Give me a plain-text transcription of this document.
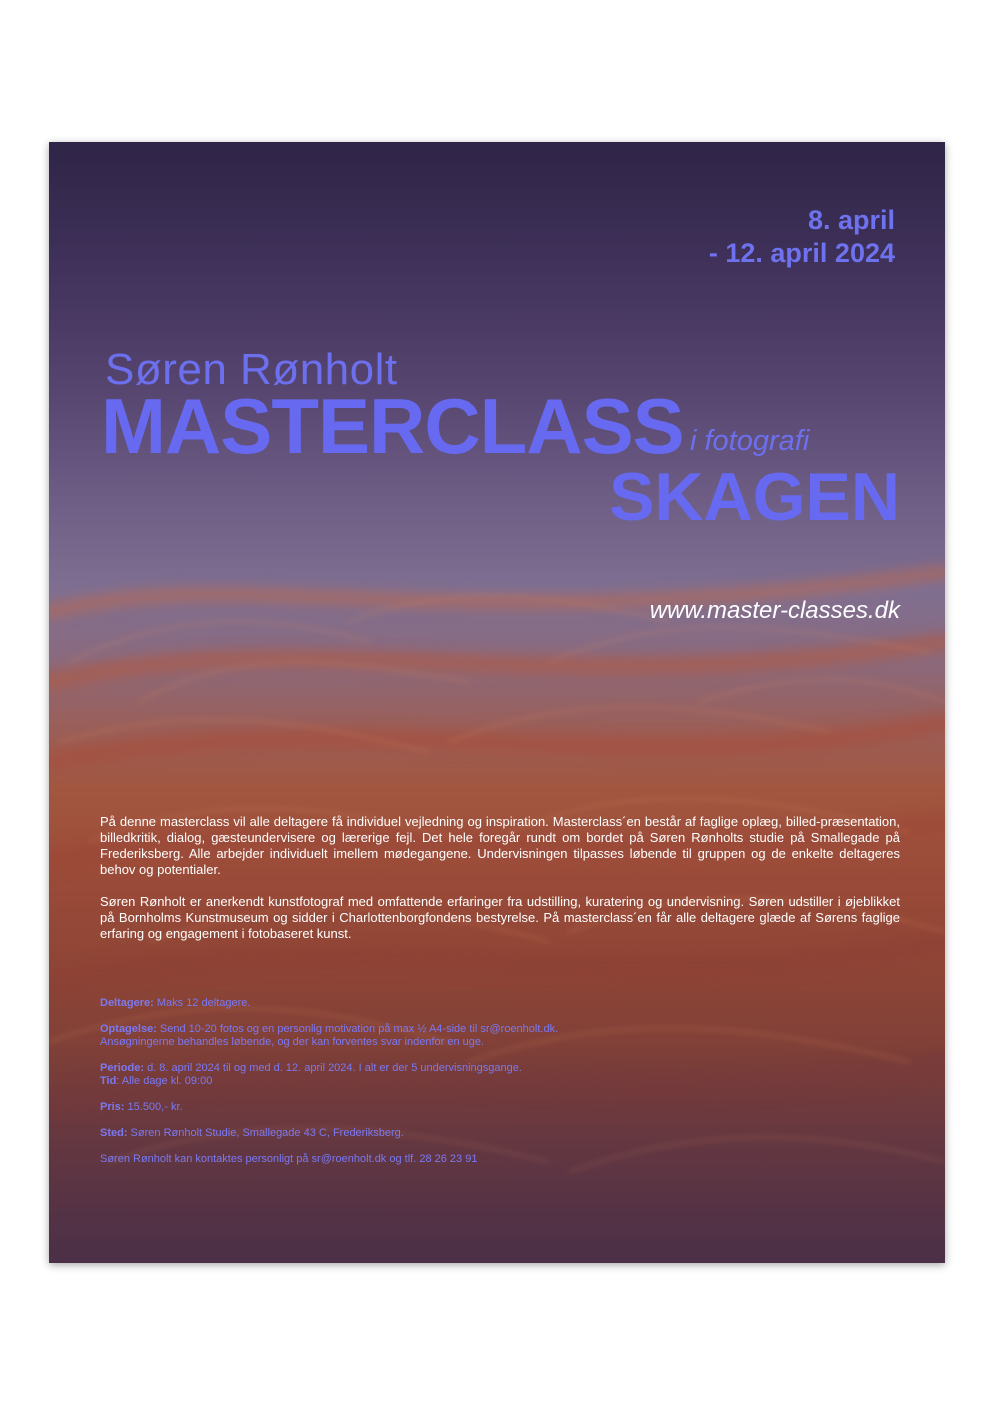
8. april
- 12. april 2024
Søren Rønholt
MASTERCLASS i fotografi
SKAGEN
www.master-classes.dk

På denne masterclass vil alle deltagere få individuel vejledning og inspiration. Masterclass´en består af faglige oplæg, billed-præsentation, billedkritik, dialog, gæsteundervisere og lærerige fejl. Det hele foregår rundt om bordet på Søren Rønholts studie på Smallegade på Frederiksberg. Alle arbejder individuelt imellem mødegangene. Undervisningen tilpasses løbende til gruppen og de enkelte deltageres behov og potentialer.

Søren Rønholt er anerkendt kunstfotograf med omfattende erfaringer fra udstilling, kuratering og undervisning. Søren udstiller i øjeblikket på Bornholms Kunstmuseum og sidder i Charlottenborgfondens bestyrelse. På masterclass´en får alle deltagere glæde af Sørens faglige erfaring og engagement i fotobaseret kunst.

Deltagere: Maks 12 deltagere.
Optagelse: Send 10-20 fotos og en personlig motivation på max ½ A4-side til sr@roenholt.dk.
Ansøgningerne behandles løbende, og der kan forventes svar indenfor en uge.
Periode: d. 8. april 2024 til og med d. 12. april 2024. I alt er der 5 undervisningsgange.
Tid: Alle dage kl. 09:00
Pris: 15.500,- kr.
Sted: Søren Rønholt Studie, Smallegade 43 C, Frederiksberg.
Søren Rønholt kan kontaktes personligt på sr@roenholt.dk og tlf. 28 26 23 91
